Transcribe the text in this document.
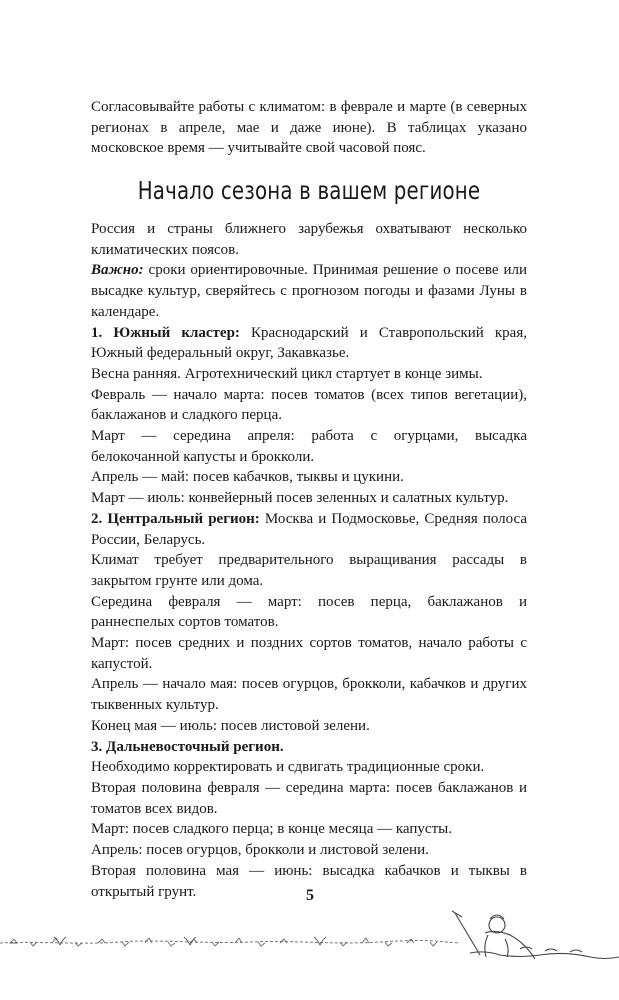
Согласовывайте работы с климатом: в феврале и марте (в северных регионах в апреле, мае и даже июне). В таблицах указано московское время — учитывайте свой часовой пояс.

Начало сезона в вашем регионе

Россия и страны ближнего зарубежья охватывают несколько климатических поясов.

Важно: сроки ориентировочные. Принимая решение о посеве или высадке культур, сверяйтесь с прогнозом погоды и фазами Луны в календаре.

1. Южный кластер: Краснодарский и Ставропольский края, Южный федеральный округ, Закавказье.

Весна ранняя. Агротехнический цикл стартует в конце зимы.

Февраль — начало марта: посев томатов (всех типов вегетации), баклажанов и сладкого перца.

Март — середина апреля: работа с огурцами, высадка белокочанной капусты и брокколи.

Апрель — май: посев кабачков, тыквы и цукини.

Март — июль: конвейерный посев зеленных и салатных культур.

2. Центральный регион: Москва и Подмосковье, Средняя полоса России, Беларусь.

Климат требует предварительного выращивания рассады в закрытом грунте или дома.

Середина февраля — март: посев перца, баклажанов и раннеспелых сортов томатов.

Март: посев средних и поздних сортов томатов, начало работы с капустой.

Апрель — начало мая: посев огурцов, брокколи, кабачков и других тыквенных культур.

Конец мая — июль: посев листовой зелени.

3. Дальневосточный регион.

Необходимо корректировать и сдвигать традиционные сроки.

Вторая половина февраля — середина марта: посев баклажанов и томатов всех видов.

Март: посев сладкого перца; в конце месяца — капусты.

Апрель: посев огурцов, брокколи и листовой зелени.

Вторая половина мая — июнь: высадка кабачков и тыквы в открытый грунт.	5
